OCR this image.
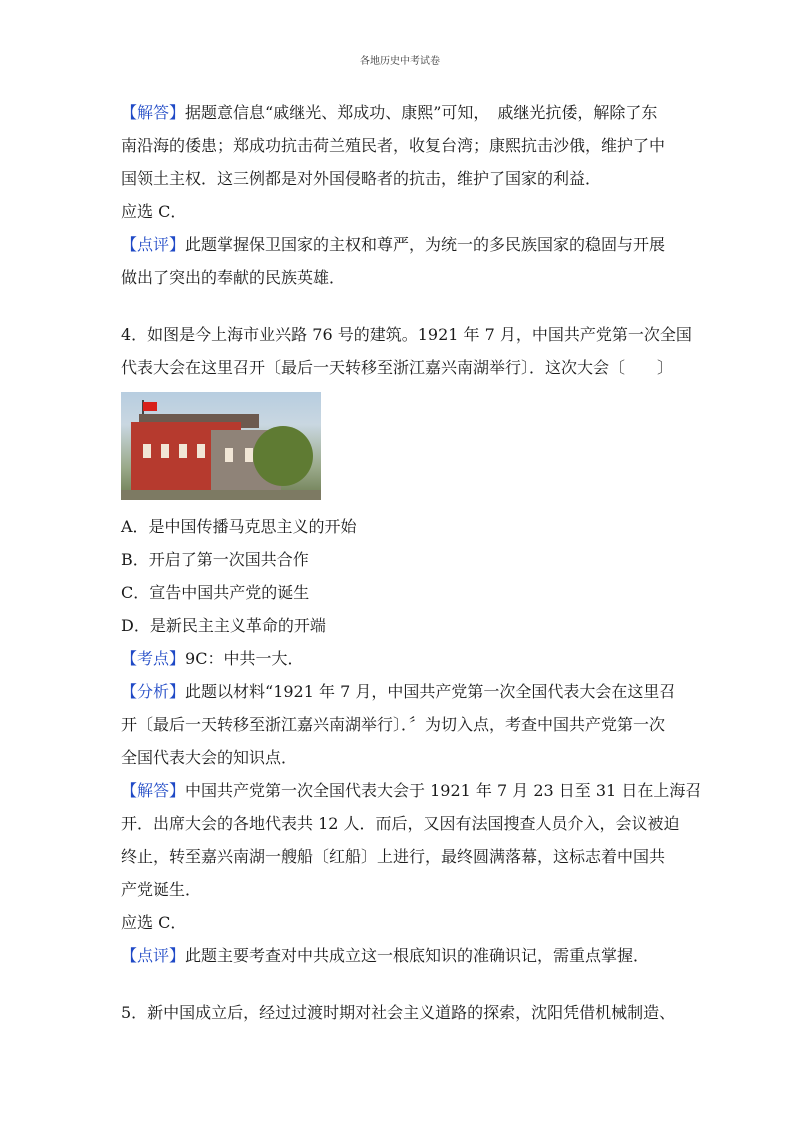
各地历史中考试卷
【解答】据题意信息“戚继光、郑成功、康熙”可知，　戚继光抗倭，解除了东
南沿海的倭患；郑成功抗击荷兰殖民者，收复台湾；康熙抗击沙俄，维护了中
国领土主权．这三例都是对外国侵略者的抗击，维护了国家的利益．
应选 C．
【点评】此题掌握保卫国家的主权和尊严，为统一的多民族国家的稳固与开展
做出了突出的奉献的民族英雄．
4．如图是今上海市业兴路 76 号的建筑。1921 年 7 月，中国共产党第一次全国
代表大会在这里召开〔最后一天转移至浙江嘉兴南湖举行〕．这次大会〔　　〕
A．是中国传播马克思主义的开始
B．开启了第一次国共合作
C．宣告中国共产党的诞生
D．是新民主主义革命的开端
【考点】9C：中共一大．
【分析】此题以材料“1921 年 7 月，中国共产党第一次全国代表大会在这里召
开〔最后一天转移至浙江嘉兴南湖举行〕．〞为切入点，考查中国共产党第一次
全国代表大会的知识点．
【解答】中国共产党第一次全国代表大会于 1921 年 7 月 23 日至 31 日在上海召
开．出席大会的各地代表共 12 人．而后，又因有法国搜查人员介入，会议被迫
终止，转至嘉兴南湖一艘船〔红船〕上进行，最终圆满落幕，这标志着中国共
产党诞生．
应选 C．
【点评】此题主要考查对中共成立这一根底知识的准确识记，需重点掌握．
5．新中国成立后，经过过渡时期对社会主义道路的探索，沈阳凭借机械制造、
